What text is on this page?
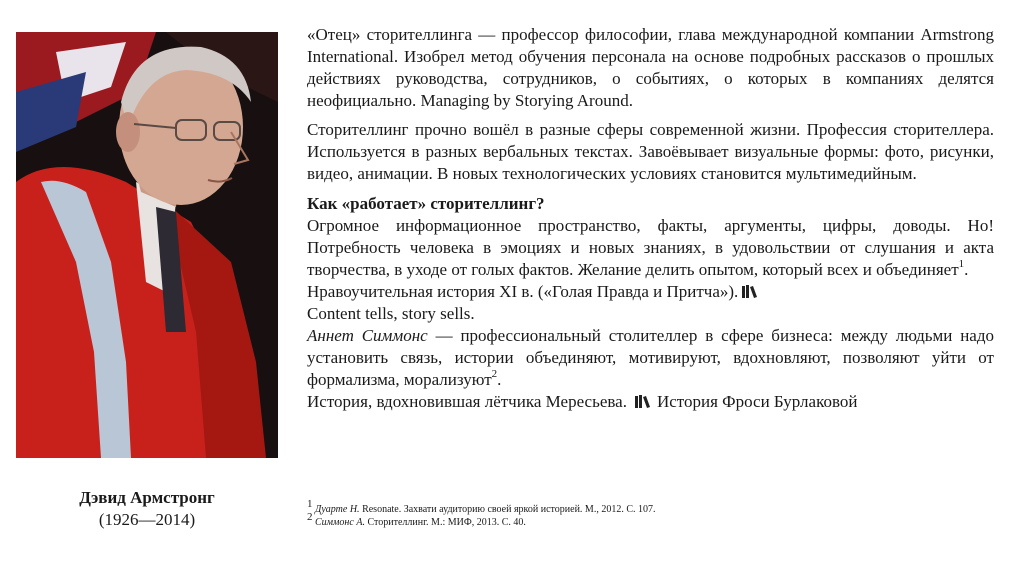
Дэвид Армстронг
(1926—2014)

«Отец» сторителлинга — профессор философии, глава международной компании Armstrong International. Изобрел метод обучения персонала на основе подробных рассказов о прошлых действиях руководства, сотрудников, о событиях, о которых в компаниях делятся неофициально. Managing by Storying Around.

Сторителлинг прочно вошёл в разные сферы современной жизни. Профессия сторителлера. Используется в разных вербальных текстах. Завоёвывает визуальные формы: фото, рисунки, видео, анимации. В новых технологических условиях становится мультимедийным.

Как «работает» сторителлинг?

Огромное информационное пространство, факты, аргументы, цифры, доводы. Но! Потребность человека в эмоциях и новых знаниях, в удовольствии от слушания и акта творчества, в уходе от голых фактов. Желание делить опытом, который всех и объединяет$^1$.

Нравоучительная история XI в. («Голая Правда и Притча»).

Content tells, story sells.

Аннет Симмонс — профессиональный столителлер в сфере бизнеса: между людьми надо установить связь, истории объединяют, мотивируют, вдохновляют, позволяют уйти от формализма, морализуют$^2$.

История, вдохновившая лётчика Мересьева. История Фроси Бурлаковой

$^1$ Дуарте Н. Resonate. Захвати аудиторию своей яркой историей. М., 2012. С. 107.

$^2$ Симмонс А. Сторителлинг. М.: МИФ, 2013. С. 40.
